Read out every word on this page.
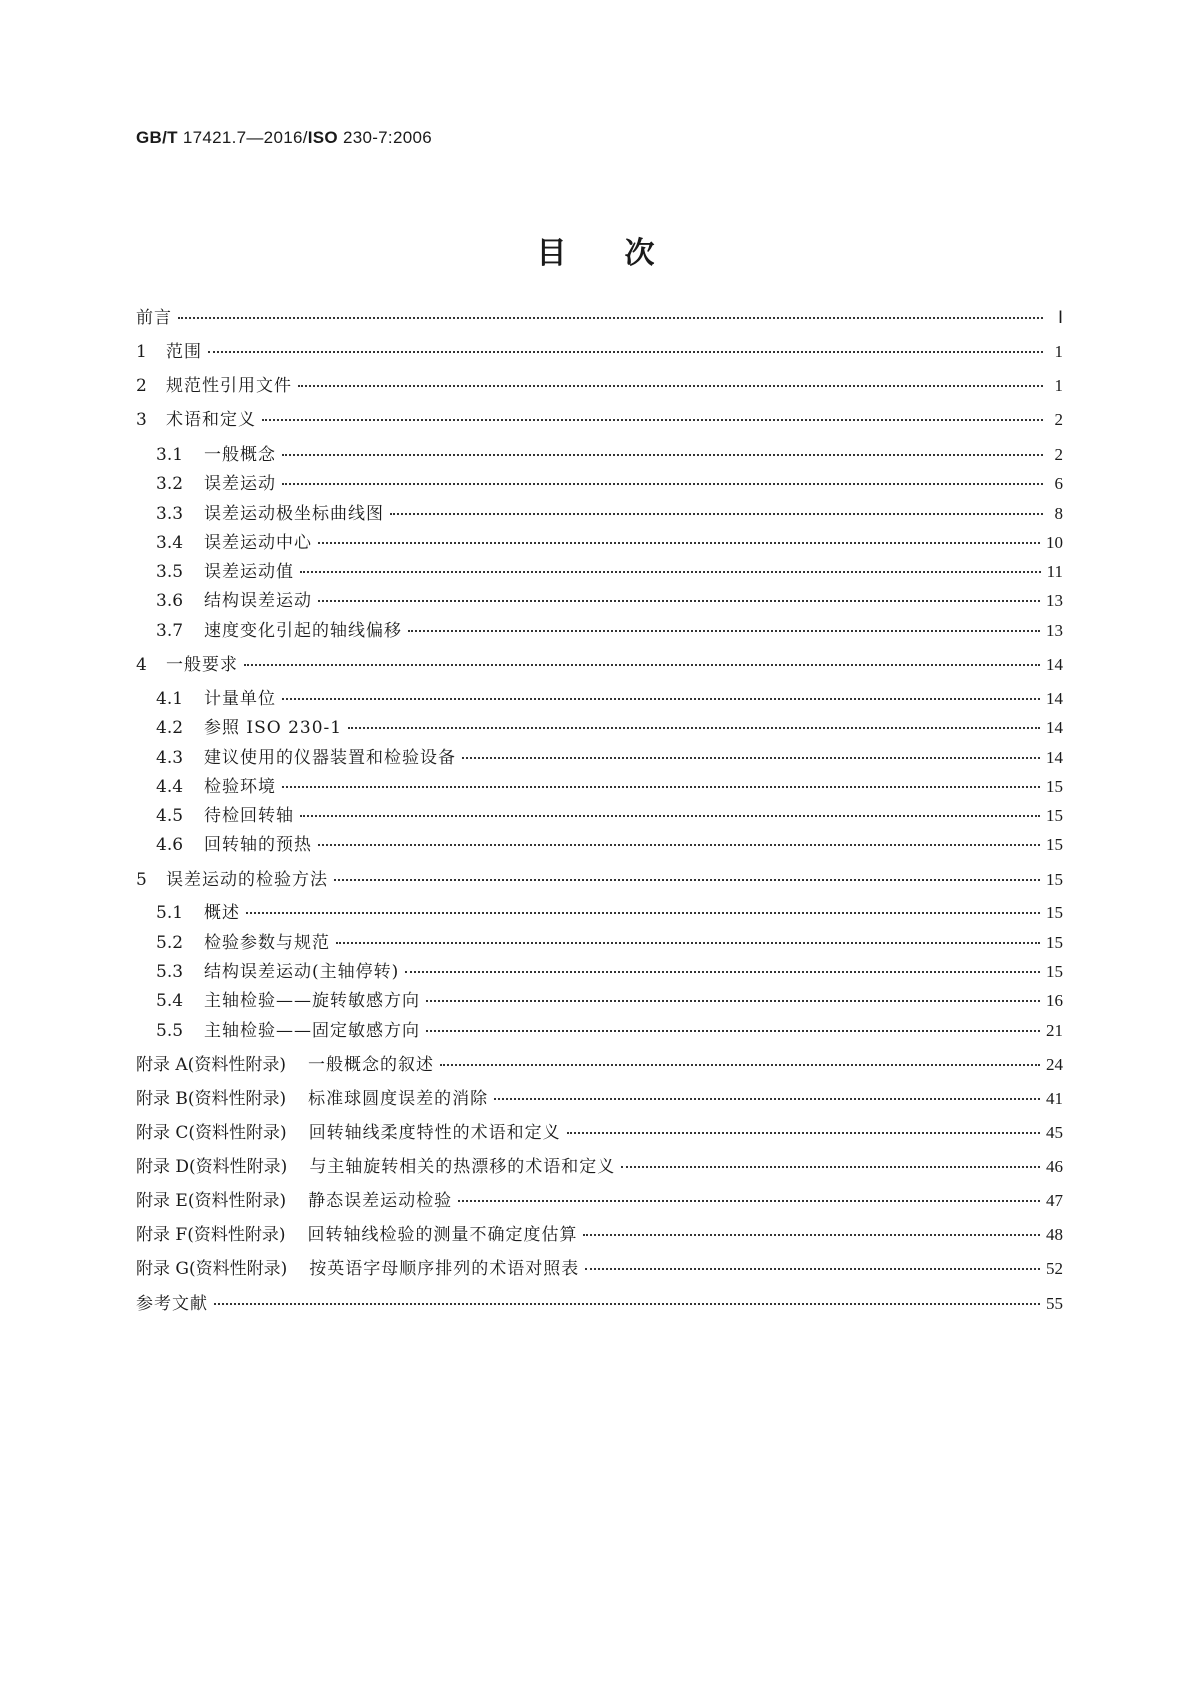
GB/T 17421.7—2016/ISO 230-7:2006
目次
前言	Ⅰ
1	范围	1
2	规范性引用文件	1
3	术语和定义	2
3.1	一般概念	2
3.2	误差运动	6
3.3	误差运动极坐标曲线图	8
3.4	误差运动中心	10
3.5	误差运动值	11
3.6	结构误差运动	13
3.7	速度变化引起的轴线偏移	13
4	一般要求	14
4.1	计量单位	14
4.2	参照 ISO 230-1	14
4.3	建议使用的仪器装置和检验设备	14
4.4	检验环境	15
4.5	待检回转轴	15
4.6	回转轴的预热	15
5	误差运动的检验方法	15
5.1	概述	15
5.2	检验参数与规范	15
5.3	结构误差运动(主轴停转)	15
5.4	主轴检验——旋转敏感方向	16
5.5	主轴检验——固定敏感方向	21
附录 A(资料性附录) 一般概念的叙述	24
附录 B(资料性附录) 标准球圆度误差的消除	41
附录 C(资料性附录) 回转轴线柔度特性的术语和定义	45
附录 D(资料性附录) 与主轴旋转相关的热漂移的术语和定义	46
附录 E(资料性附录) 静态误差运动检验	47
附录 F(资料性附录) 回转轴线检验的测量不确定度估算	48
附录 G(资料性附录) 按英语字母顺序排列的术语对照表	52
参考文献	55
